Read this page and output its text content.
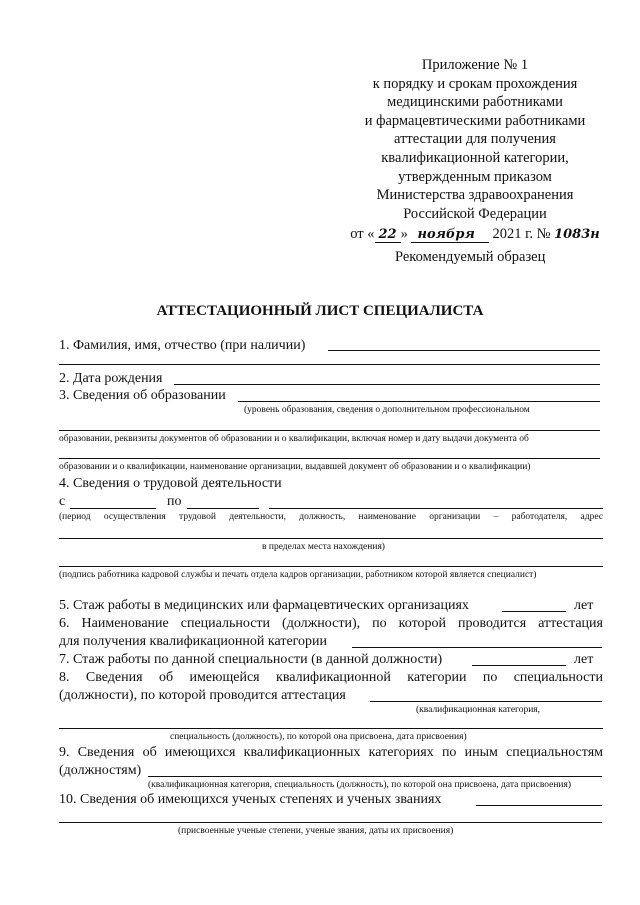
Приложение № 1
к порядку и срокам прохождения
медицинскими работниками
и фармацевтическими работниками
аттестации для получения
квалификационной категории,
утвержденным приказом
Министерства здравоохранения
Российской Федерации
от « 22 » ноября 2021 г. № 1083н
Рекомендуемый образец
АТТЕСТАЦИОННЫЙ ЛИСТ СПЕЦИАЛИСТА
1. Фамилия, имя, отчество (при наличии)
2. Дата рождения
3. Сведения об образовании
(уровень образования, сведения о дополнительном профессиональном
образовании, реквизиты документов об образовании и о квалификации, включая номер и дату выдачи документа об
образовании и о квалификации, наименование организации, выдавшей документ об образовании и о квалификации)
4. Сведения о трудовой деятельности
с	по
(период осуществления трудовой деятельности, должность, наименование организации – работодателя, адрес
в пределах места нахождения)
(подпись работника кадровой службы и печать отдела кадров организации, работником которой является специалист)
5. Стаж работы в медицинских или фармацевтических организациях	лет
6. Наименование специальности (должности), по которой проводится аттестация
для получения квалификационной категории
7. Стаж работы по данной специальности (в данной должности)	лет
8. Сведения об имеющейся квалификационной категории по специальности
(должности), по которой проводится аттестация
(квалификационная категория,
специальность (должность), по которой она присвоена, дата присвоения)
9. Сведения об имеющихся квалификационных категориях по иным специальностям
(должностям)
(квалификационная категория, специальность (должность), по которой она присвоена, дата присвоения)
10. Сведения об имеющихся ученых степенях и ученых званиях
(присвоенные ученые степени, ученые звания, даты их присвоения)
